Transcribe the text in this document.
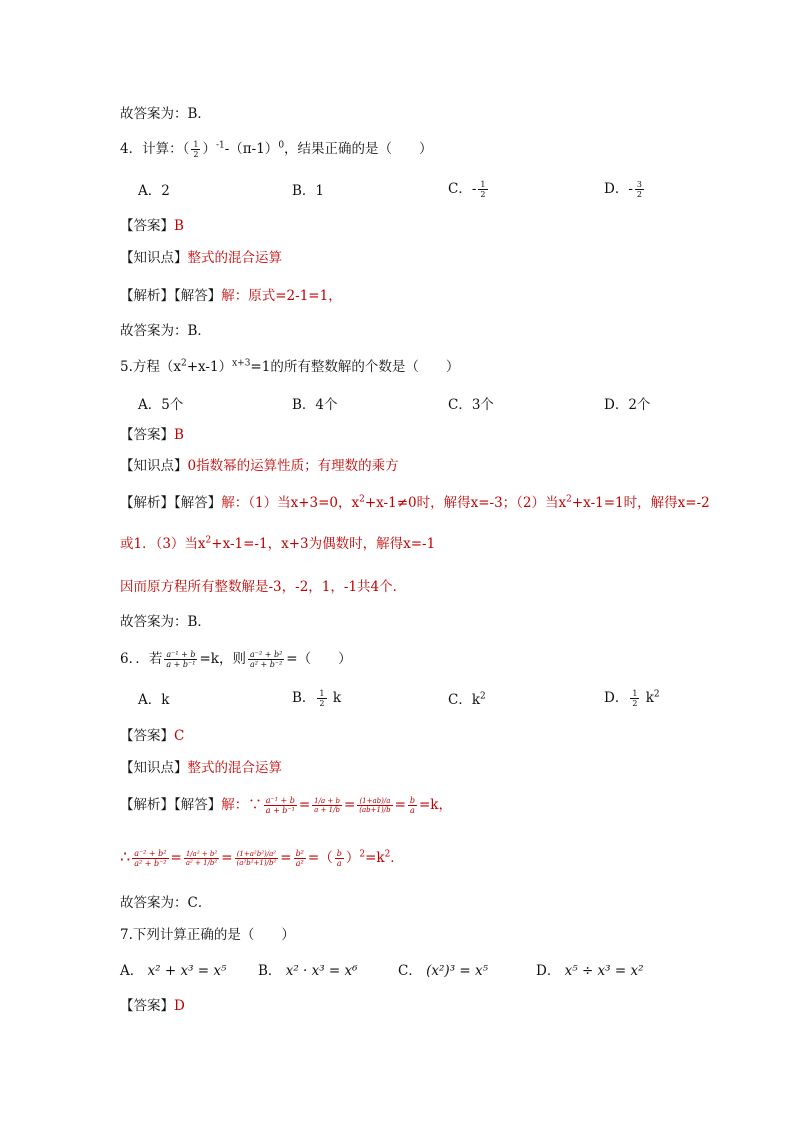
故答案为：B．
4．计算：（ $\frac{1}{2} )^{-1}-(\pi-1)^0$，结果正确的是（　　）
A．2	B．1	C．- $\frac{1}{2}$	D．- $\frac{3}{2}$
【答案】B
【知识点】整式的混合运算
【解析】【解答】解：原式=2-1=1，
故答案为：B．
5.方程$(x^2+x-1)^{x+3}=1$的所有整数解的个数是（　　）
A．5个	B．4个	C．3个	D．2个
【答案】B
【知识点】0指数幂的运算性质；有理数的乘方
【解析】【解答】解：（1）当x+3=0，$x^2+x-1\ne 0$时，解得x=-3；（2）当$x^2+x-1=1$时，解得x=-2
或1．（3）当$x^2+x-1=-1$，x+3为偶数时，解得x=-1
因而原方程所有整数解是-3，-2，1，-1共4个．
故答案为：B．
6．．若 $\frac{\text{a⁻¹ + b}}{\text{a + b⁻¹}} =k$，则 $\frac{\text{a⁻² + b²}}{\text{a² + b⁻²}}$ =（　　）
A．k	B． $\frac{1}{2}$ k	C．$k^2$	D． $\frac{1}{2} k^2$
【答案】C
【知识点】整式的混合运算
【解析】【解答】解：∵ $\frac{\text{a⁻¹ + b}}{\text{a + b⁻¹}} = \frac{1/a + b}{a + 1/b} = \frac{(1+ab)/a}{(ab+1)/b} = \frac{b}{a} =k$，
∴ $\frac{\text{a⁻² + b²}}{\text{a² + b⁻²}} = \frac{\text{1/a² + b²}}{\text{a² + 1/b²}} = \frac{\text{(1+a²b²)/a²}}{\text{(a²b²+1)/b²}} = \frac{\text{b²}}{\text{a²}}$ =（ $\frac{b}{a} )^2=k^2$．
故答案为：C．
7.下列计算正确的是（　　）
A． x² + x³ = x⁵ B． x² · x³ = x⁶	C． (x²)³ = x⁵	D． x⁵ ÷ x³ = x²
【答案】D
